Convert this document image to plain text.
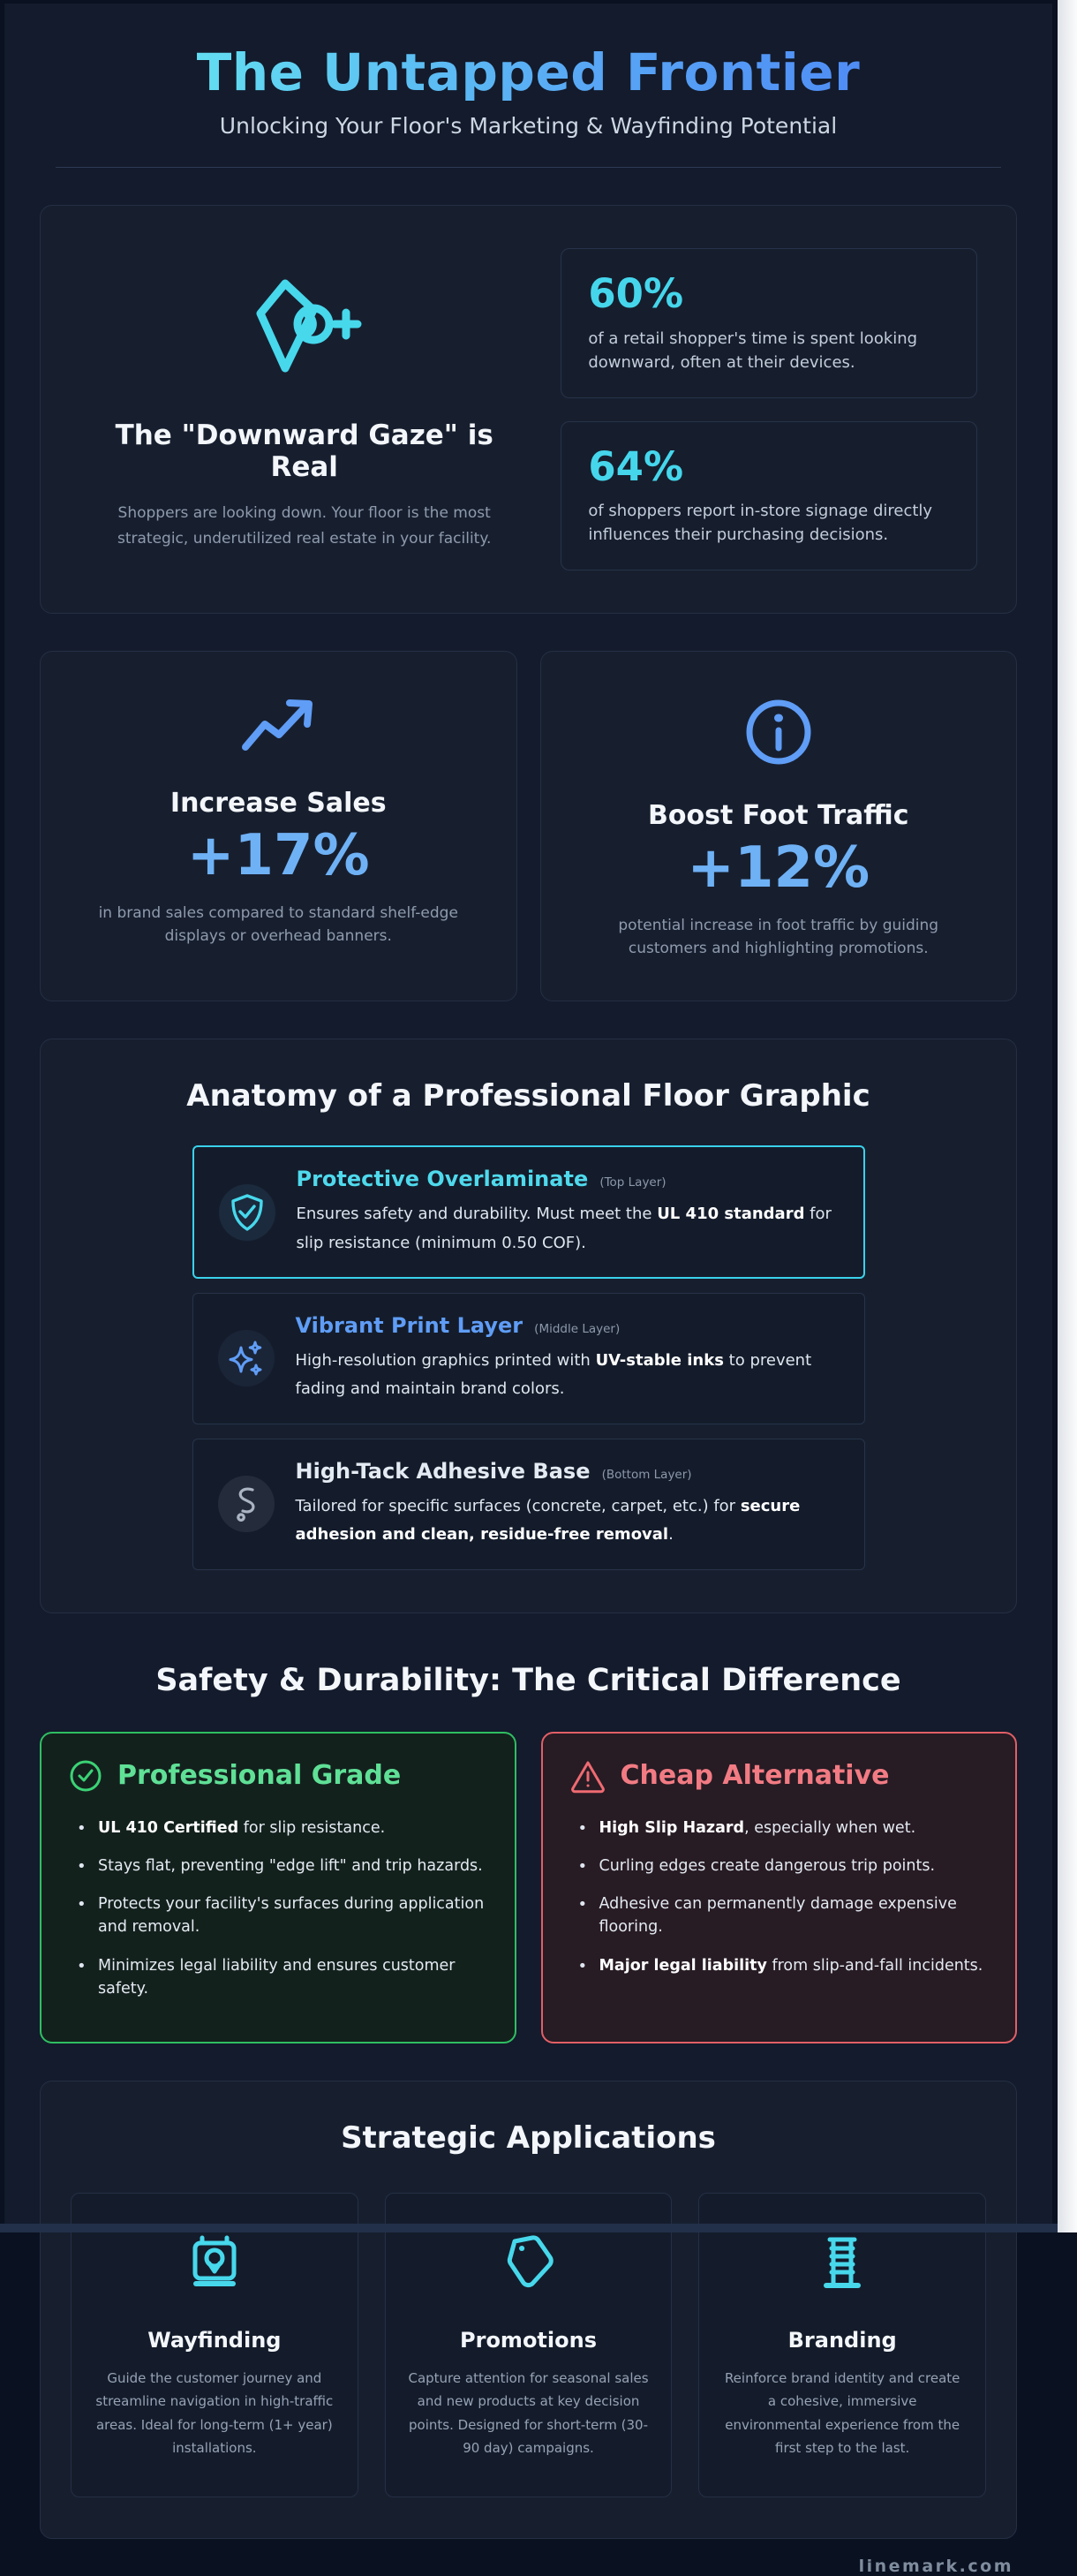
The Untapped Frontier

Unlocking Your Floor's Marketing & Wayfinding Potential

The "Downward Gaze" is Real

Shoppers are looking down. Your floor is the most strategic, underutilized real estate in your facility.

60%

of a retail shopper's time is spent looking downward, often at their devices.

64%

of shoppers report in-store signage directly influences their purchasing decisions.

Increase Sales

+17%

in brand sales compared to standard shelf-edge displays or overhead banners.

Boost Foot Traffic

+12%

potential increase in foot traffic by guiding customers and highlighting promotions.

Anatomy of a Professional Floor Graphic
Protective Overlaminate (Top Layer)

Ensures safety and durability. Must meet the UL 410 standard for slip resistance (minimum 0.50 COF).

Vibrant Print Layer (Middle Layer)

High-resolution graphics printed with UV-stable inks to prevent fading and maintain brand colors.

High-Tack Adhesive Base (Bottom Layer)

Tailored for specific surfaces (concrete, carpet, etc.) for secure adhesion and clean, residue-free removal.

Safety & Durability: The Critical Difference
Professional Grade
• UL 410 Certified for slip resistance.
• Stays flat, preventing "edge lift" and trip hazards.
• Protects your facility's surfaces during application and removal.
• Minimizes legal liability and ensures customer safety.
Cheap Alternative
• High Slip Hazard, especially when wet.
• Curling edges create dangerous trip points.
• Adhesive can permanently damage expensive flooring.
• Major legal liability from slip-and-fall incidents.
Strategic Applications
Wayfinding

Guide the customer journey and streamline navigation in high-traffic areas. Ideal for long-term (1+ year) installations.

Promotions

Capture attention for seasonal sales and new products at key decision points. Designed for short-term (30-90 day) campaigns.

Branding

Reinforce brand identity and create a cohesive, immersive environmental experience from the first step to the last.

linemark.com
